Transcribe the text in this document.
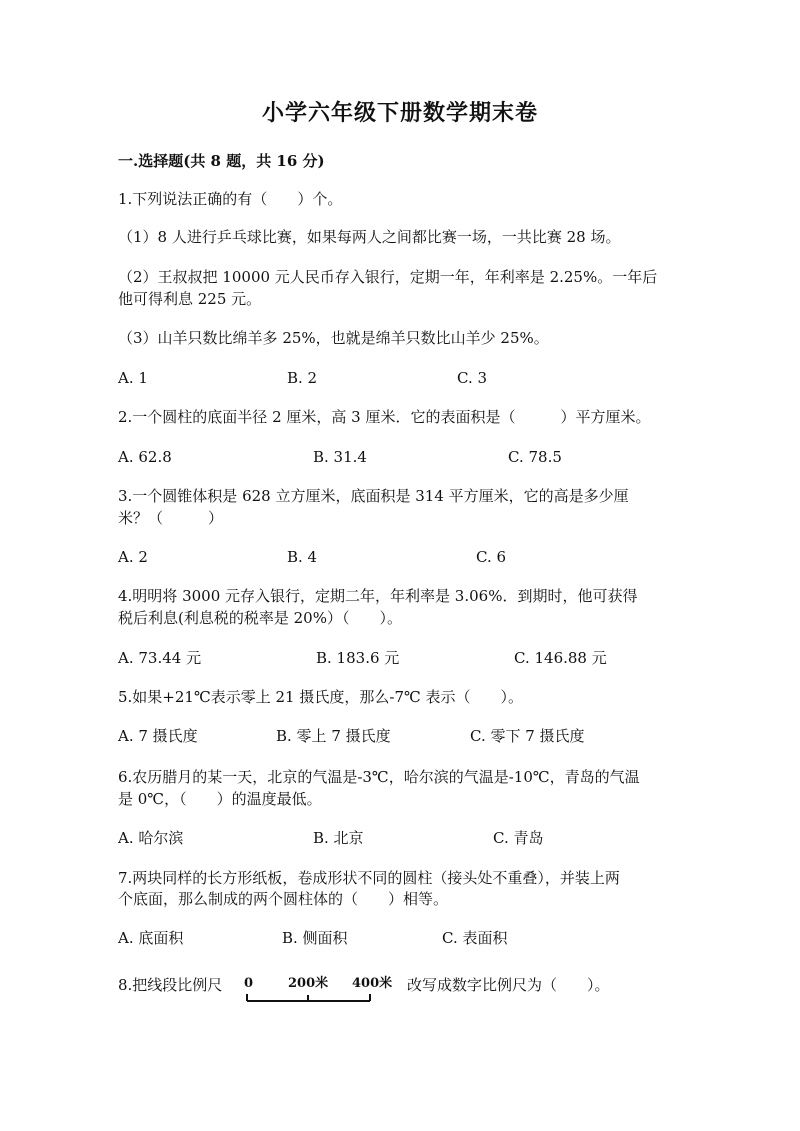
小学六年级下册数学期末卷
一.选择题(共 8 题，共 16 分)
1.下列说法正确的有（　　）个。
（1）8 人进行乒乓球比赛，如果每两人之间都比赛一场，一共比赛 28 场。
（2）王叔叔把 10000 元人民币存入银行，定期一年，年利率是 2.25%。一年后
他可得利息 225 元。
（3）山羊只数比绵羊多 25%，也就是绵羊只数比山羊少 25%。
A. 1	B. 2	C. 3
2.一个圆柱的底面半径 2 厘米，高 3 厘米．它的表面积是（　　　）平方厘米。
A. 62.8	B. 31.4	C. 78.5
3.一个圆锥体积是 628 立方厘米，底面积是 314 平方厘米，它的高是多少厘
米？（　　　）
A. 2	B. 4	C. 6
4.明明将 3000 元存入银行，定期二年，年利率是 3.06%．到期时，他可获得
税后利息(利息税的税率是 20%）（　　）。
A. 73.44 元	B. 183.6 元	C. 146.88 元
5.如果+21℃表示零上 21 摄氏度，那么-7℃ 表示（　　）。
A. 7 摄氏度	B. 零上 7 摄氏度	C. 零下 7 摄氏度
6.农历腊月的某一天，北京的气温是-3℃，哈尔滨的气温是-10℃，青岛的气温
是 0℃，（　　）的温度最低。
A. 哈尔滨	B. 北京	C. 青岛
7.两块同样的长方形纸板，卷成形状不同的圆柱（接头处不重叠），并装上两
个底面，那么制成的两个圆柱体的（　　）相等。
A. 底面积	B. 侧面积	C. 表面积
8.把线段比例尺 0	200米 400米 改写成数字比例尺为（　　）。
